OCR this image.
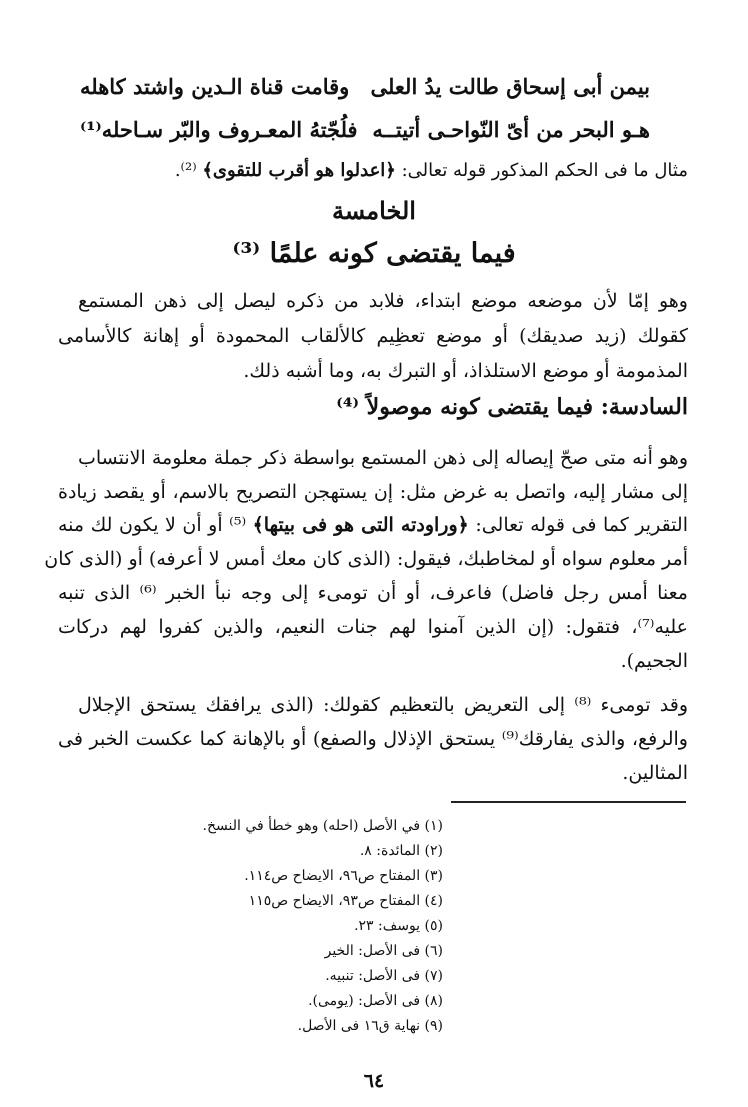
بيمن أبى إسحاق طالت يدُ العلى
وقامت قناة الـدين واشتد كاهله
هـو البحر من أىّ النّواحـى أتيتــه
فلُجّتهُ المعـروف والبّر سـاحله⁽¹⁾
مثال ما فى الحكم المذكور قوله تعالى: ﴿اعدلوا هو أقرب للتقوى﴾ ⁽²⁾.
الخامسة
فيما يقتضى كونه علمًا ⁽³⁾
وهو إمّا لأن موضعه موضع ابتداء، فلابد من ذكره ليصل إلى ذهن المستمع
كقولك (زيد صديقك) أو موضع تعظِيم كالألقاب المحمودة أو إهانة كالأسامى
المذمومة أو موضع الاستلذاذ، أو التبرك به، وما أشبه ذلك.
السادسة: فيما يقتضى كونه موصولاً ⁽⁴⁾
وهو أنه متى صحّ إيصاله إلى ذهن المستمع بواسطة ذكر جملة معلومة الانتساب
إلى مشار إليه، واتصل به غرض مثل: إن يستهجن التصريح بالاسم، أو يقصد زيادة
التقرير كما فى قوله تعالى: ﴿وراودته التى هو فى بيتها﴾ ⁽⁵⁾ أو أن لا يكون لك منه
أمر معلوم سواه أو لمخاطبك، فيقول: (الذى كان معك أمس لا أعرفه) أو (الذى كان
معنا أمس رجل فاضل) فاعرف، أو أن تومىء إلى وجه نبأ الخبر ⁽⁶⁾ الذى تنبه
عليه⁽⁷⁾، فتقول: (إن الذين آمنوا لهم جنات النعيم، والذين كفروا لهم دركات
الجحيم).
وقد تومىء ⁽⁸⁾ إلى التعريض بالتعظيم كقولك: (الذى يرافقك يستحق الإجلال
والرفع، والذى يفارقك⁽⁹⁾ يستحق الإذلال والصفع) أو بالإهانة كما عكست الخبر فى
المثالين.
(١) في الأصل (احله) وهو خطأ في النسخ.
(٢) المائدة: ٨.
(٣) المفتاح ص٩٦، الايضاح ص١١٤.
(٤) المفتاح ص٩٣، الايضاح ص١١٥
(٥) يوسف: ٢٣.
(٦) فى الأصل: الخير
(٧) فى الأصل: تنبيه.
(٨) فى الأصل: (يومى).
(٩) نهاية ق١٦ فى الأصل.
٦٤
